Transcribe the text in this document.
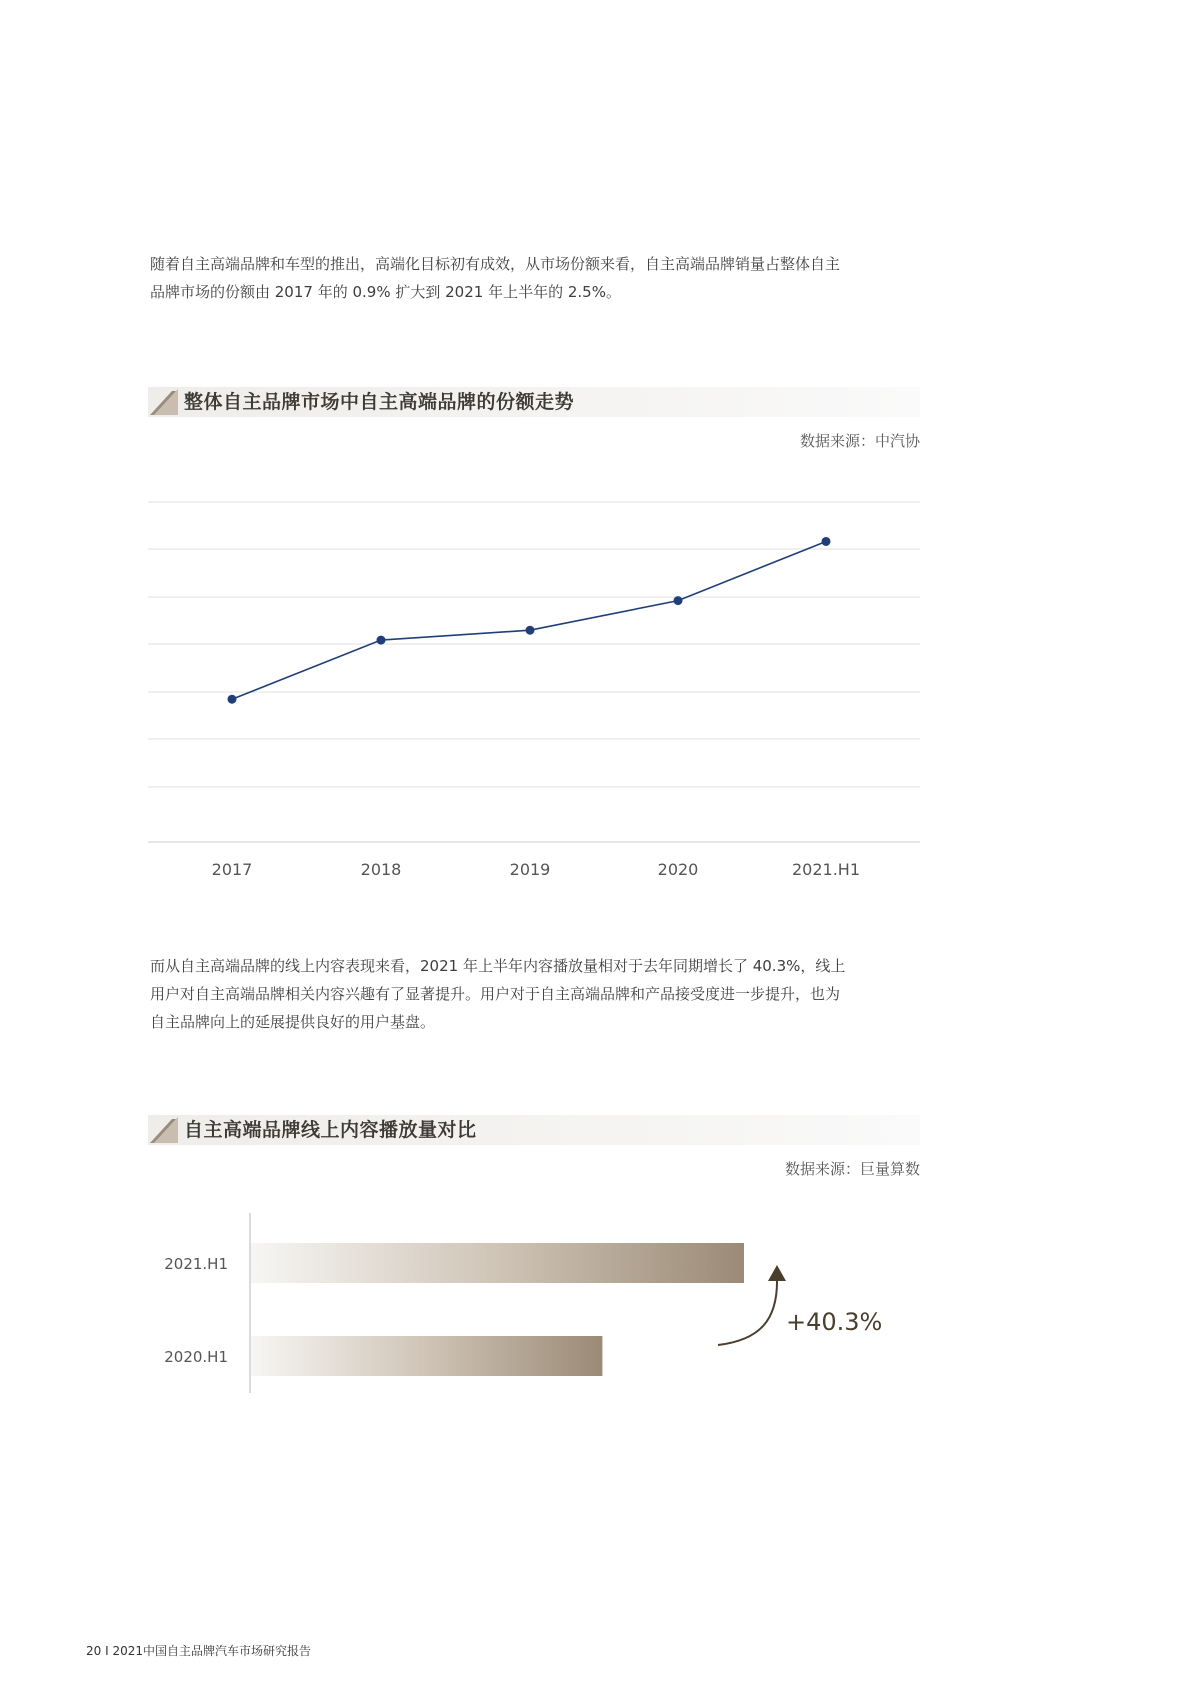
随着自主高端品牌和车型的推出，高端化目标初有成效，从市场份额来看，自主高端品牌销量占整体自主

品牌市场的份额由 2017 年的 0.9% 扩大到 2021 年上半年的 2.5%。

整体自主品牌市场中自主高端品牌的份额走势
数据来源：中汽协
2017	2018	2019	2020	2021.H1

而从自主高端品牌的线上内容表现来看，2021 年上半年内容播放量相对于去年同期增长了 40.3%，线上

用户对自主高端品牌相关内容兴趣有了显著提升。用户对于自主高端品牌和产品接受度进一步提升，也为

自主品牌向上的延展提供良好的用户基盘。

自主高端品牌线上内容播放量对比
数据来源：巨量算数
2021.H1
2020.H1
+40.3%
20 I 2021中国自主品牌汽车市场研究报告
